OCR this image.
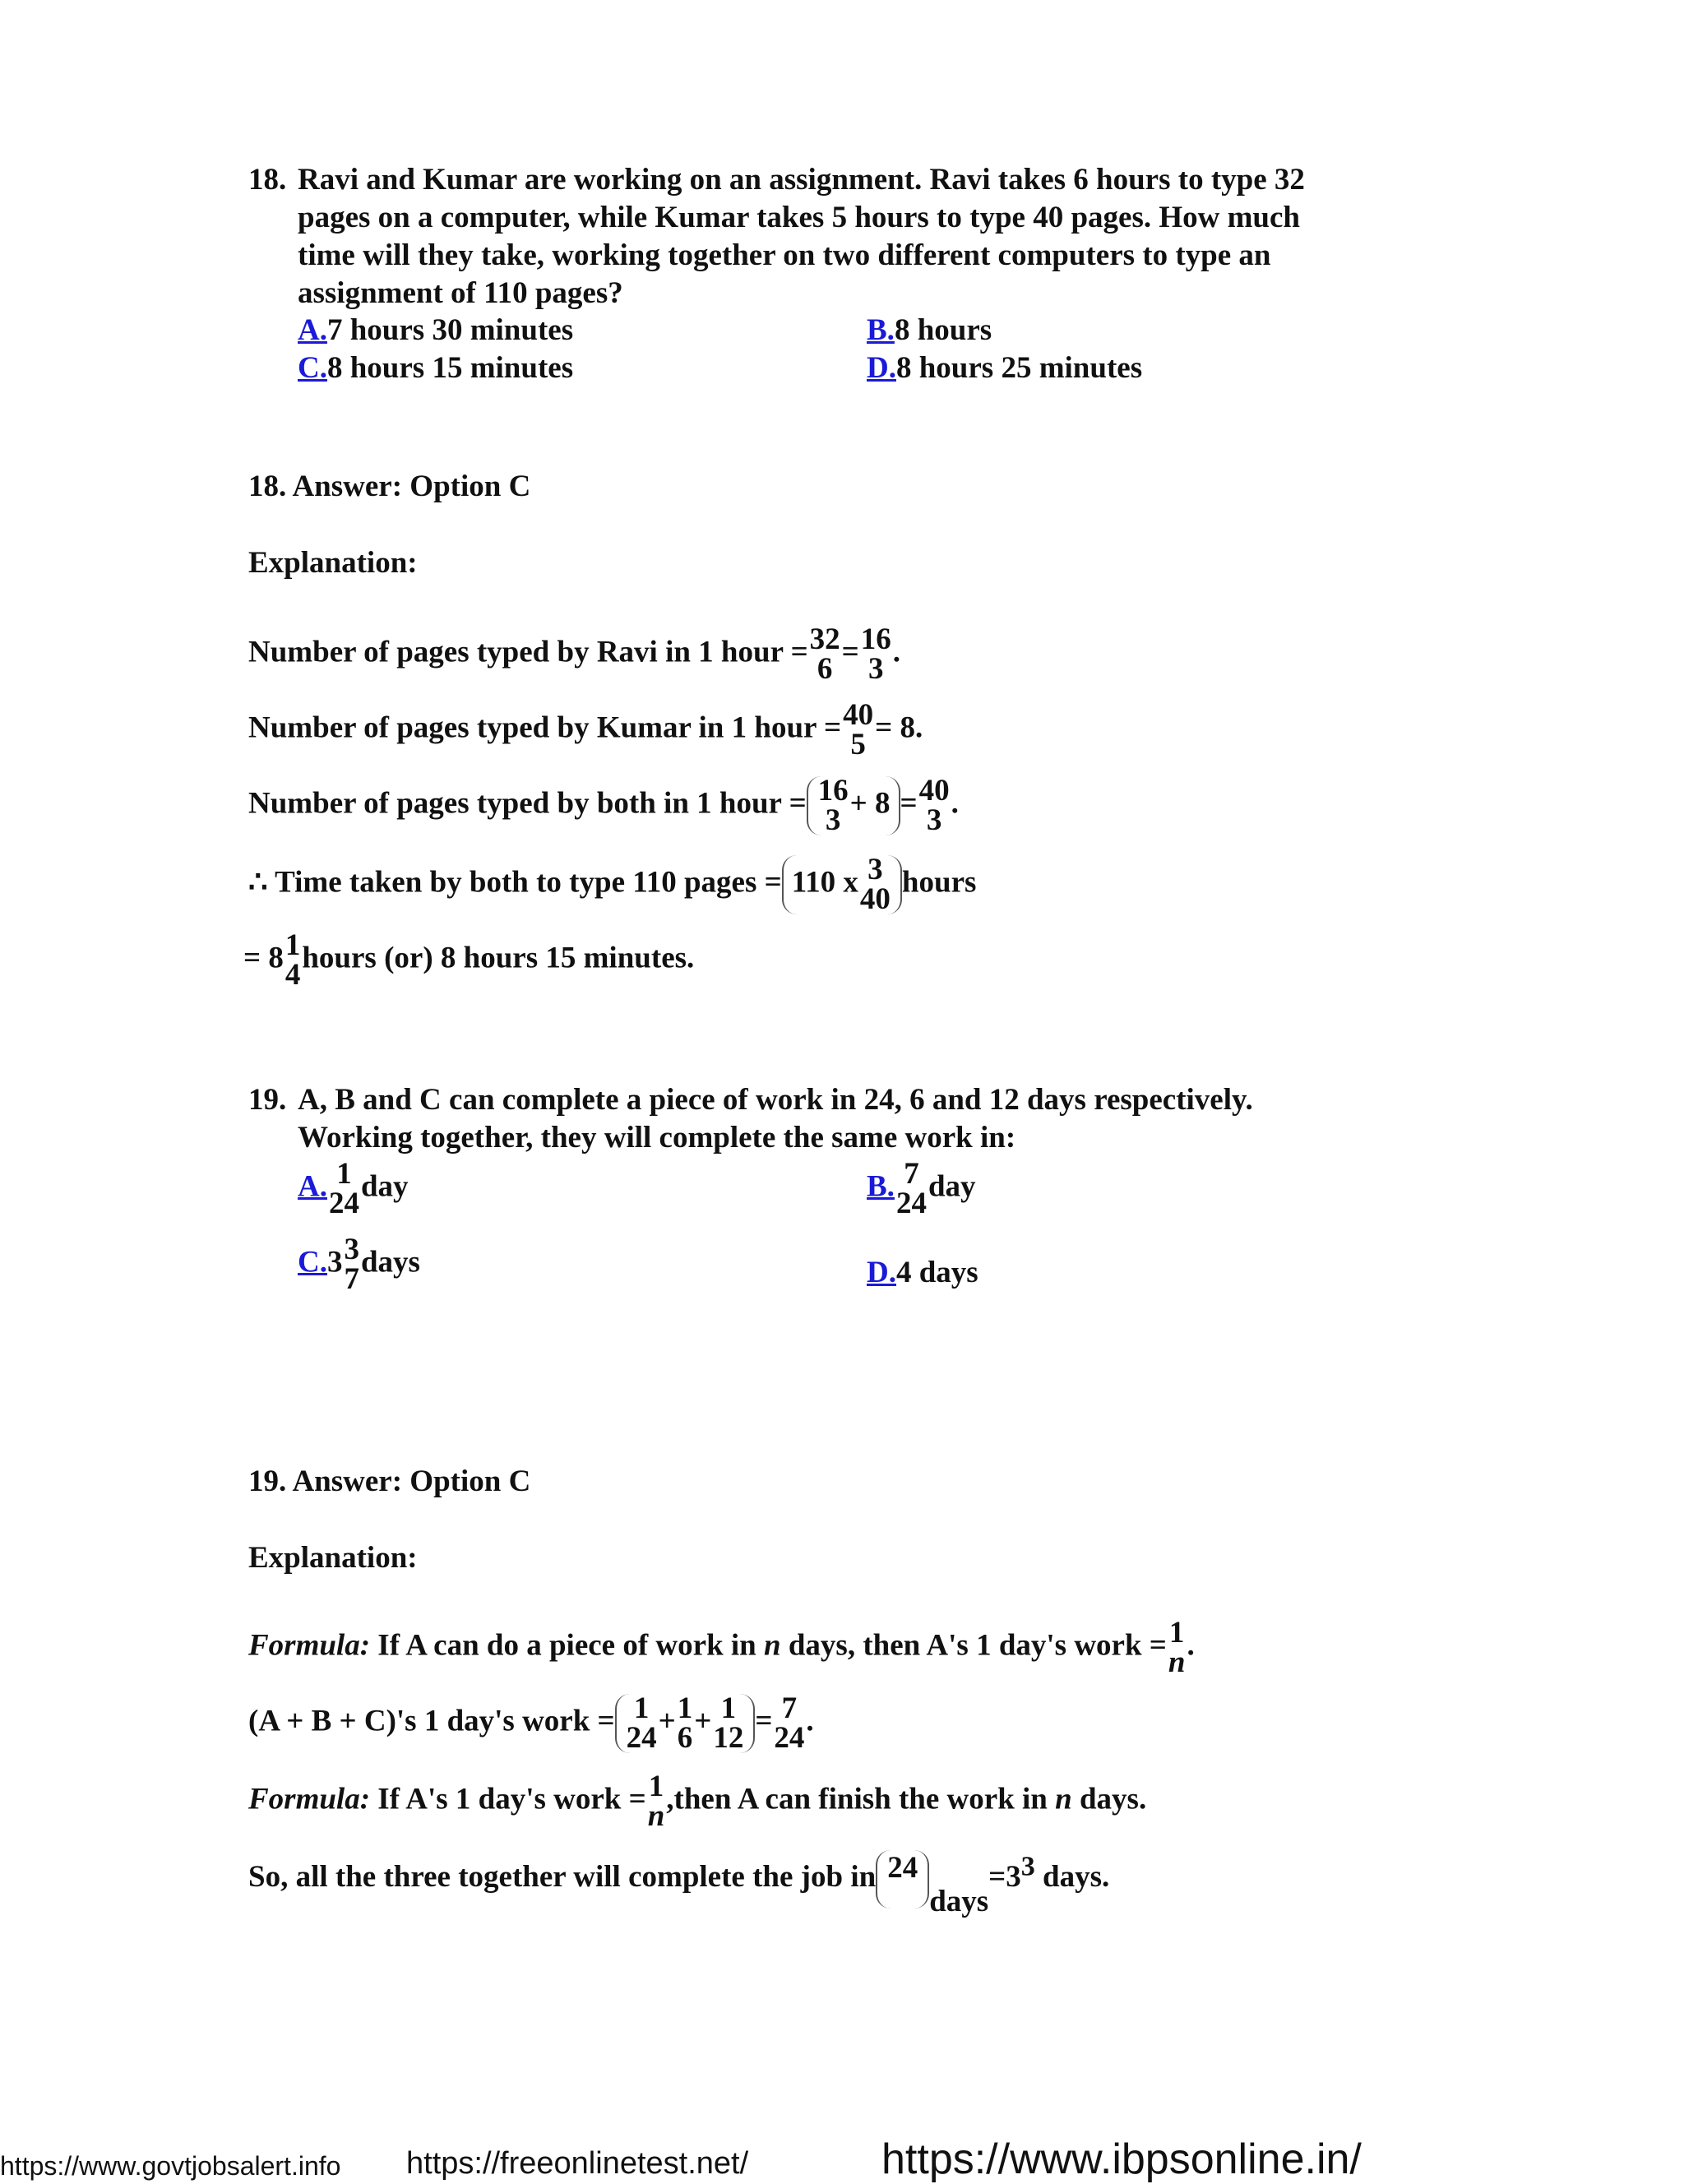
18. Ravi and Kumar are working on an assignment. Ravi takes 6 hours to type 32
pages on a computer, while Kumar takes 5 hours to type 40 pages. How much
time will they take, working together on two different computers to type an
assignment of 110 pages?
A.7 hours 30 minutes	B.8 hours
C.8 hours 15 minutes	D.8 hours 25 minutes
18. Answer: Option C
Explanation:
Number of pages typed by Ravi in 1 hour = 32
6
= 16
3
.
Number of pages typed by Kumar in 1 hour = 40
5
= 8.
Number of pages typed by both in 1 hour = 16
3
+ 8 = 40
3
.
∴ Time taken by both to type 110 pages = 110 x 3
40
hours
= 8 1
4
hours (or) 8 hours 15 minutes.
19. A, B and C can complete a piece of work in 24, 6 and 12 days respectively.
Working together, they will complete the same work in:
A. 1
24
day	B. 7
24
day
C.3 3
7
days	D.4 days
19. Answer: Option C
Explanation:
Formula: If A can do a piece of work in n days, then A's 1 day's work = 1
n
.
(A + B + C)'s 1 day's work = 1
24
+ 1
6
+ 1
12
= 7
24
.
Formula: If A's 1 day's work = 1
n
,then A can finish the work in n days.
So, all the three together will complete the job in $24days=3^3$ days.
https://www.govtjobsalert.info https://freeonlinetest.net/	https://www.ibpsonline.in/
